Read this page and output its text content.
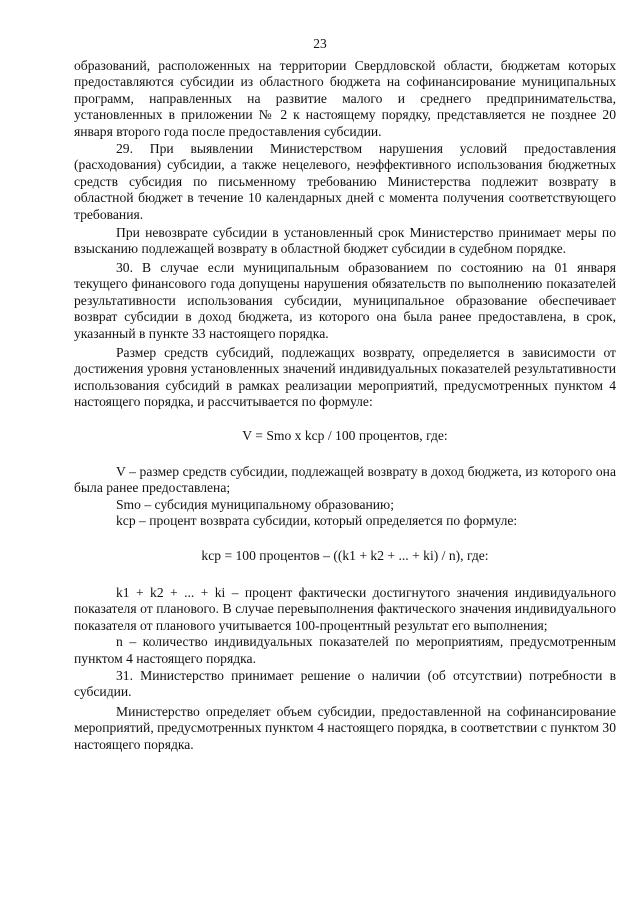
23

образований, расположенных на территории Свердловской области, бюджетам которых предоставляются субсидии из областного бюджета на софинансирование муниципальных программ, направленных на развитие малого и среднего предпринимательства, установленных в приложении № 2 к настоящему порядку, представляется не позднее 20 января второго года после предоставления субсидии.

29. При выявлении Министерством нарушения условий предоставления (расходования) субсидии, а также нецелевого, неэффективного использования бюджетных средств субсидия по письменному требованию Министерства подлежит возврату в областной бюджет в течение 10 календарных дней с момента получения соответствующего требования.

При невозврате субсидии в установленный срок Министерство принимает меры по взысканию подлежащей возврату в областной бюджет субсидии в судебном порядке.

30. В случае если муниципальным образованием по состоянию на 01 января текущего финансового года допущены нарушения обязательств по выполнению показателей результативности использования субсидии, муниципальное образование обеспечивает возврат субсидии в доход бюджета, из которого она была ранее предоставлена, в срок, указанный в пункте 33 настоящего порядка.

Размер средств субсидий, подлежащих возврату, определяется в зависимости от достижения уровня установленных значений индивидуальных показателей результативности использования субсидий в рамках реализации мероприятий, предусмотренных пунктом 4 настоящего порядка, и рассчитывается по формуле:

V = Smo x kcp / 100 процентов, где:

V – размер средств субсидии, подлежащей возврату в доход бюджета, из которого она была ранее предоставлена;

Smo – субсидия муниципальному образованию;

kcp – процент возврата субсидии, который определяется по формуле:

kcp = 100 процентов – ((k1 + k2 + ... + ki) / n), где:

k1 + k2 + ... + ki – процент фактически достигнутого значения индивидуального показателя от планового. В случае перевыполнения фактического значения индивидуального показателя от планового учитывается 100-процентный результат его выполнения;

n – количество индивидуальных показателей по мероприятиям, предусмотренным пунктом 4 настоящего порядка.

31. Министерство принимает решение о наличии (об отсутствии) потребности в субсидии.

Министерство определяет объем субсидии, предоставленной на софинансирование мероприятий, предусмотренных пунктом 4 настоящего порядка, в соответствии с пунктом 30 настоящего порядка.
